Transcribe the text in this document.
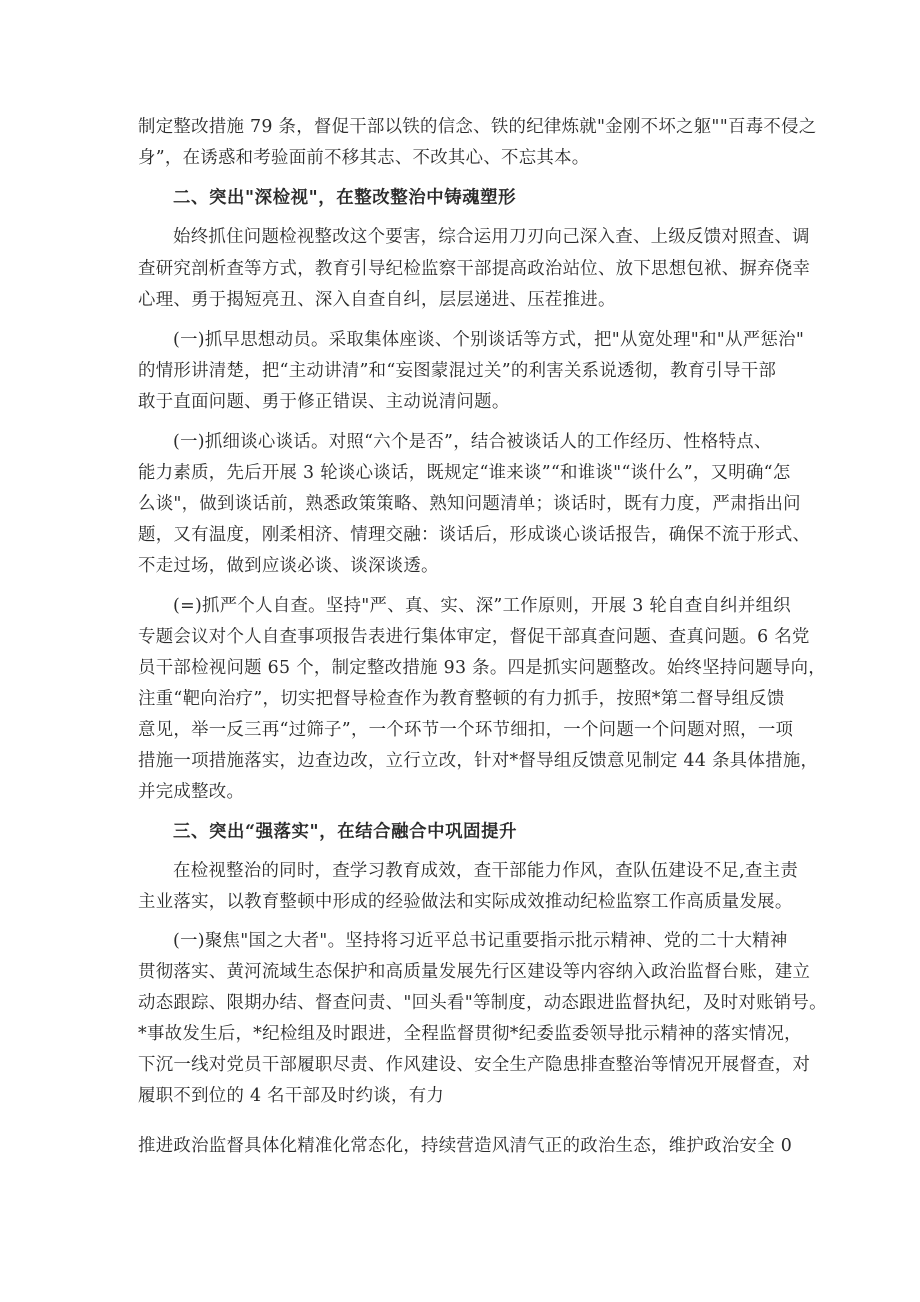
制定整改措施 79 条，督促干部以铁的信念、铁的纪律炼就"金刚不坏之躯""百毒不侵之
身”，在诱惑和考验面前不移其志、不改其心、不忘其本。
二、突出"深检视"，在整改整治中铸魂塑形
始终抓住问题检视整改这个要害，综合运用刀刃向己深入查、上级反馈对照查、调
查研究剖析查等方式，教育引导纪检监察干部提高政治站位、放下思想包袱、摒弃侥幸
心理、勇于揭短亮丑、深入自查自纠，层层递进、压茬推进。
(一)抓早思想动员。采取集体座谈、个别谈话等方式，把"从宽处理"和"从严惩治"
的情形讲清楚，把“主动讲清”和“妄图蒙混过关”的利害关系说透彻，教育引导干部
敢于直面问题、勇于修正错误、主动说清问题。
(一)抓细谈心谈话。对照“六个是否”，结合被谈话人的工作经历、性格特点、
能力素质，先后开展 3 轮谈心谈话，既规定“谁来谈”“和谁谈"“谈什么”，又明确“怎
么谈"，做到谈话前，熟悉政策策略、熟知问题清单；谈话时，既有力度，严肃指出问
题，又有温度，刚柔相济、情理交融：谈话后，形成谈心谈话报告，确保不流于形式、
不走过场，做到应谈必谈、谈深谈透。
(=)抓严个人自查。坚持"严、真、实、深”工作原则，开展 3 轮自查自纠并组织
专题会议对个人自查事项报告表进行集体审定，督促干部真查问题、查真问题。6 名党
员干部检视问题 65 个，制定整改措施 93 条。四是抓实问题整改。始终坚持问题导向，
注重“靶向治疗”，切实把督导检查作为教育整顿的有力抓手，按照*第二督导组反馈
意见，举一反三再“过筛子”，一个环节一个环节细扣，一个问题一个问题对照，一项
措施一项措施落实，边查边改，立行立改，针对*督导组反馈意见制定 44 条具体措施，
并完成整改。
三、突出“强落实"，在结合融合中巩固提升
在检视整治的同时，查学习教育成效，查干部能力作风，查队伍建设不足,查主责
主业落实，以教育整顿中形成的经验做法和实际成效推动纪检监察工作高质量发展。
(一)聚焦"国之大者"。坚持将习近平总书记重要指示批示精神、党的二十大精神
贯彻落实、黄河流域生态保护和高质量发展先行区建设等内容纳入政治监督台账，建立
动态跟踪、限期办结、督查问责、"回头看"等制度，动态跟进监督执纪，及时对账销号。
*事故发生后，*纪检组及时跟进，全程监督贯彻*纪委监委领导批示精神的落实情况，
下沉一线对党员干部履职尽责、作风建设、安全生产隐患排查整治等情况开展督查，对
履职不到位的 4 名干部及时约谈，有力
推进政治监督具体化精准化常态化，持续营造风清气正的政治生态，维护政治安全 0
